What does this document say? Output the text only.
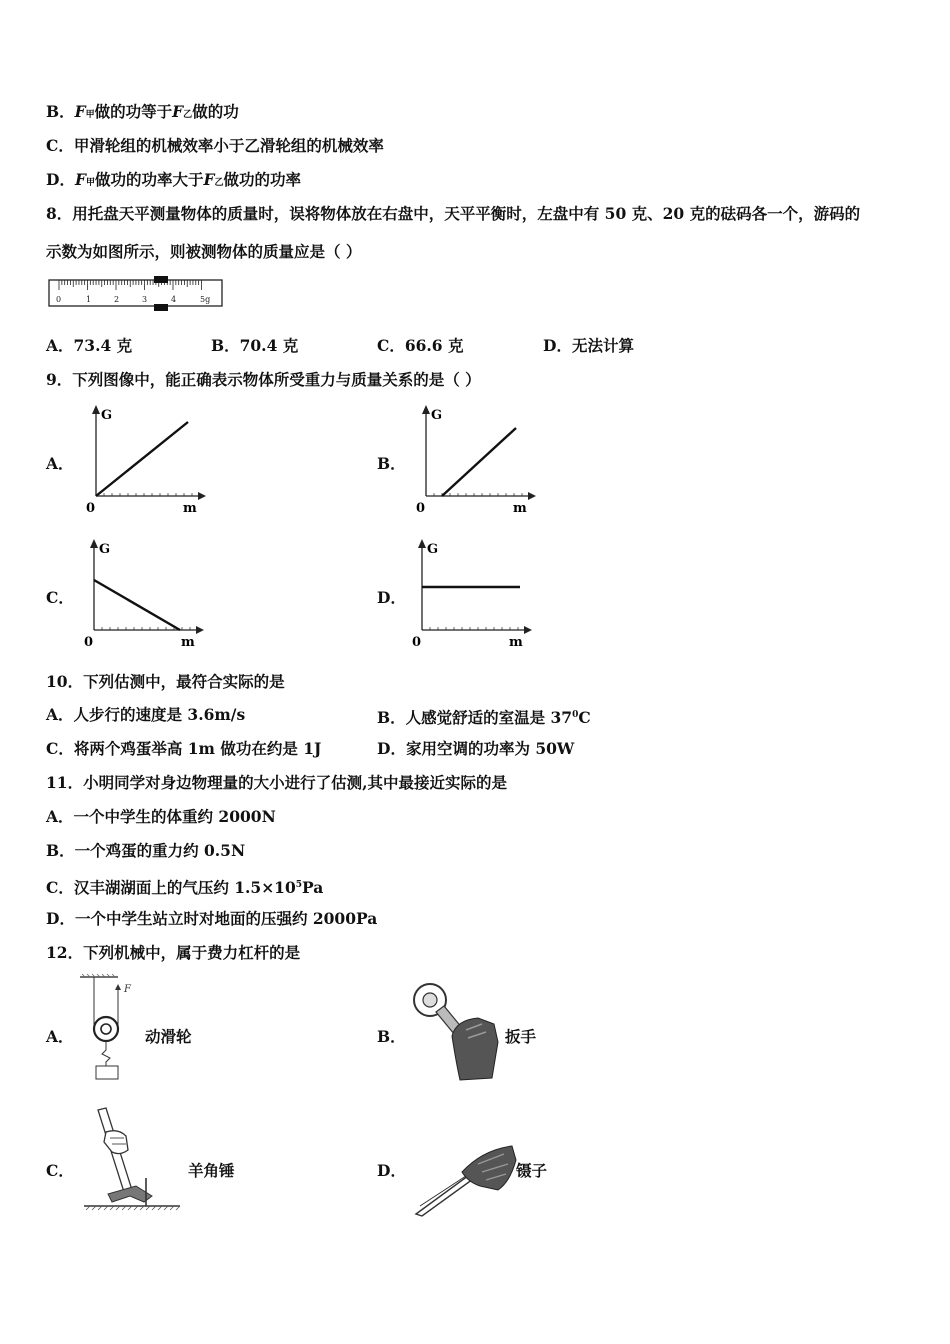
B．F甲做的功等于F乙做的功
C．甲滑轮组的机械效率小于乙滑轮组的机械效率
D．F甲做功的功率大于F乙做功的功率
8．用托盘天平测量物体的质量时，误将物体放在右盘中，天平平衡时，左盘中有 50 克、20 克的砝码各一个，游码的
示数为如图所示，则被测物体的质量应是（ ）
0	1	2	3	4	5g
A．73.4 克	B．70.4 克	C．66.6 克	D．无法计算
9．下列图像中，能正确表示物体所受重力与质量关系的是（ ）
A．
G
0	m
B．
G
0	m
C．
G
0	m
D．
G
0	m
10．下列估测中，最符合实际的是
A．人步行的速度是 3.6m/s	B．人感觉舒适的室温是 $37^0C$
C．将两个鸡蛋举高 1m 做功在约是 1J	D．家用空调的功率为 50W
11．小明同学对身边物理量的大小进行了估测,其中最接近实际的是
A．一个中学生的体重约 2000N
B．一个鸡蛋的重力约 0.5N
C．汉丰湖湖面上的气压约 $1.5\times 10^5Pa$
D．一个中学生站立时对地面的压强约 2000Pa
12．下列机械中，属于费力杠杆的是
A．
F
动滑轮	B．	扳手
C．	羊角锤	D．	镊子
